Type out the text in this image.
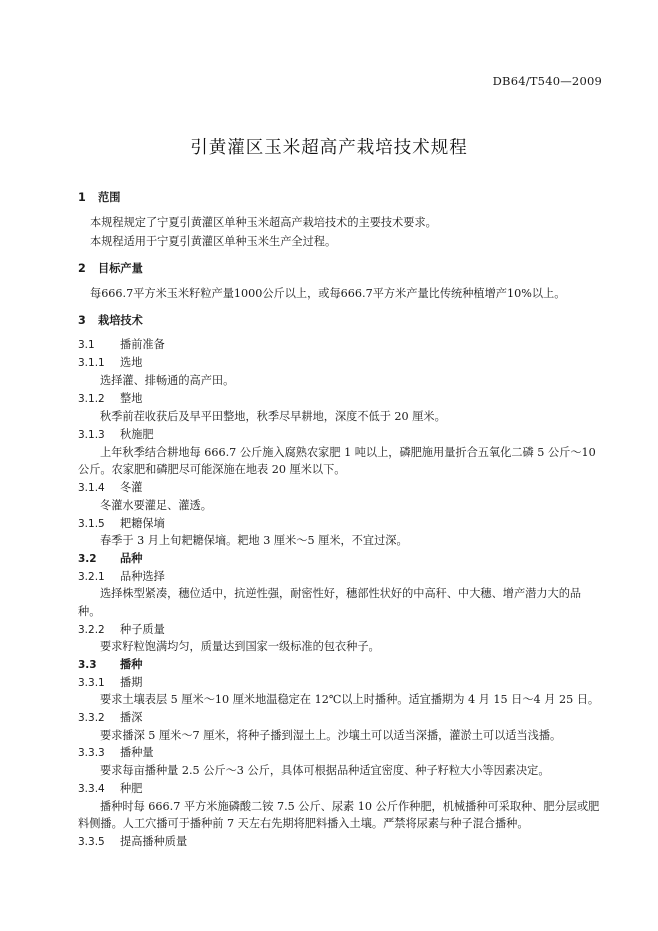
DB64/T540—2009
引黄灌区玉米超高产栽培技术规程
1 范围
本规程规定了宁夏引黄灌区单种玉米超高产栽培技术的主要技术要求。
本规程适用于宁夏引黄灌区单种玉米生产全过程。
2 目标产量
每666.7平方米玉米籽粒产量1000公斤以上，或每666.7平方米产量比传统种植增产10%以上。
3 栽培技术
3.1 播前准备
3.1.1 选地
选择灌、排畅通的高产田。
3.1.2 整地
秋季前茬收获后及早平田整地，秋季尽早耕地，深度不低于 20 厘米。
3.1.3 秋施肥
上年秋季结合耕地每 666.7 公斤施入腐熟农家肥 1 吨以上，磷肥施用量折合五氧化二磷 5 公斤～10
公斤。农家肥和磷肥尽可能深施在地表 20 厘米以下。
3.1.4 冬灌
冬灌水要灌足、灌透。
3.1.5 耙耱保墒
春季于 3 月上旬耙耱保墒。耙地 3 厘米～5 厘米，不宜过深。
3.2 品种
3.2.1 品种选择
选择株型紧凑，穗位适中，抗逆性强，耐密性好，穗部性状好的中高秆、中大穗、增产潜力大的品
种。
3.2.2 种子质量
要求籽粒饱满均匀，质量达到国家一级标准的包衣种子。
3.3 播种
3.3.1 播期
要求土壤表层 5 厘米～10 厘米地温稳定在 12℃以上时播种。适宜播期为 4 月 15 日～4 月 25 日。
3.3.2 播深
要求播深 5 厘米～7 厘米，将种子播到湿土上。沙壤土可以适当深播，灌淤土可以适当浅播。
3.3.3 播种量
要求每亩播种量 2.5 公斤～3 公斤，具体可根据品种适宜密度、种子籽粒大小等因素决定。
3.3.4 种肥
播种时每 666.7 平方米施磷酸二铵 7.5 公斤、尿素 10 公斤作种肥，机械播种可采取种、肥分层或肥
料侧播。人工穴播可于播种前 7 天左右先期将肥料播入土壤。严禁将尿素与种子混合播种。
3.3.5 提高播种质量
